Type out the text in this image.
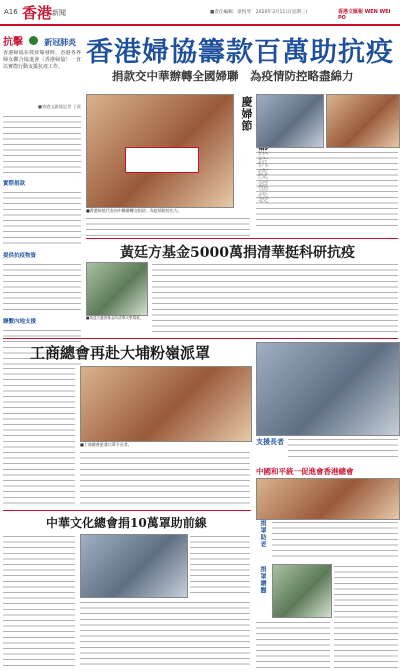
A16 香港 新聞	■責任編輯：梁悅琴　2020年3月11日(星期三)	香港文匯報 WEN WEI PO
抗擊	新冠肺炎
香港婦協在疫症爆發時，香港各界婦女聯合協進會（香港婦協）一直以實際行動支援抗疫工作。
■香港文匯報記者 子嘉
實際捐款
提供抗疫物資
聯繫內地支援
香港婦協籌款百萬助抗疫
捐款交中華辦轉全國婦聯　為疫情防控略盡綿力
■香港婦協代表向中聯辦轉交捐款，為疫情防控出力。
慶婦節
黃廷方基金5000萬捐清華挺科研抗疫
■黃廷方慈善基金向清華大學捐款。
工商總會再赴大埔粉嶺派罩
■工商總會派發口罩予長者。	支援長者
中國和平統一促進會香港總會
捐罩助老
中華文化總會捐10萬罩助前線
捐罩贈醫
